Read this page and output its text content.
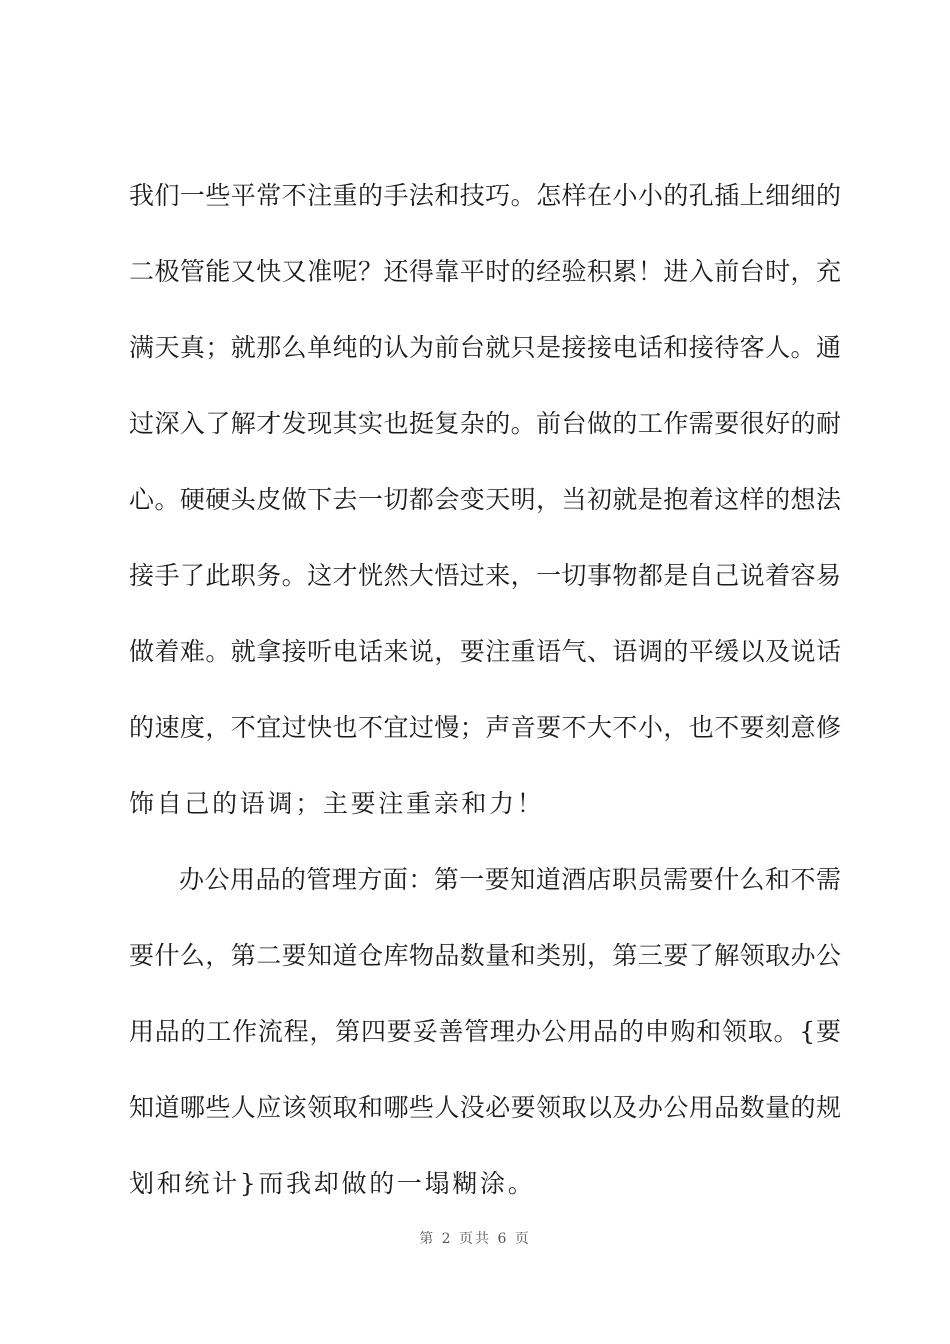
我们一些平常不注重的手法和技巧。怎样在小小的孔插上细细的
二极管能又快又准呢？还得靠平时的经验积累！进入前台时，充
满天真；就那么单纯的认为前台就只是接接电话和接待客人。通
过深入了解才发现其实也挺复杂的。前台做的工作需要很好的耐
心。硬硬头皮做下去一切都会变天明，当初就是抱着这样的想法
接手了此职务。这才恍然大悟过来，一切事物都是自己说着容易
做着难。就拿接听电话来说，要注重语气、语调的平缓以及说话
的速度，不宜过快也不宜过慢；声音要不大不小，也不要刻意修
饰自己的语调；主要注重亲和力！
办公用品的管理方面：第一要知道酒店职员需要什么和不需
要什么，第二要知道仓库物品数量和类别，第三要了解领取办公
用品的工作流程，第四要妥善管理办公用品的申购和领取。{要
知道哪些人应该领取和哪些人没必要领取以及办公用品数量的规
划和统计}而我却做的一塌糊涂。
第 2 页共 6 页
